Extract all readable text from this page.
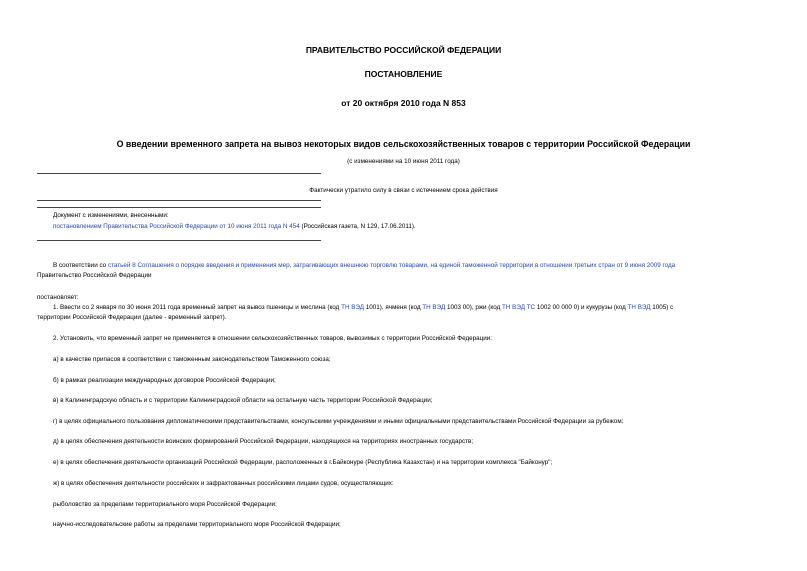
ПРАВИТЕЛЬСТВО РОССИЙСКОЙ ФЕДЕРАЦИИ
ПОСТАНОВЛЕНИЕ
от 20 октября 2010 года N 853
О введении временного запрета на вывоз некоторых видов сельскохозяйственных товаров с территории Российской Федерации
(с изменениями на 10 июня 2011 года)
Фактически утратило силу в связи с истечением срока действия
Документ с изменениями, внесенными:
постановлением Правительства Российской Федерации от 10 июня 2011 года N 454 (Российская газета, N 129, 17.06.2011).
В соответствии со статьей 8 Соглашения о порядке введения и применения мер, затрагивающих внешнюю торговлю товарами, на единой таможенной территории в отношении третьих стран от 9 июня 2009 года
Правительство Российской Федерации
постановляет:
1. Ввести со 2 января по 30 июня 2011 года временный запрет на вывоз пшеницы и меслина (код ТН ВЭД 1001), ячменя (код ТН ВЭД 1003 00), ржи (код ТН ВЭД ТС 1002 00 000 0) и кукурузы (код ТН ВЭД 1005) с
территории Российской Федерации (далее - временный запрет).
2. Установить, что временный запрет не применяется в отношении сельскохозяйственных товаров, вывозимых с территории Российской Федерации:
а) в качестве припасов в соответствии с таможенным законодательством Таможенного союза;
б) в рамках реализации международных договоров Российской Федерации;
в) в Калининградскую область и с территории Калининградской области на остальную часть территории Российской Федерации;
г) в целях официального пользования дипломатическими представительствами, консульскими учреждениями и иными официальными представительствами Российской Федерации за рубежом;
д) в целях обеспечения деятельности воинских формирований Российской Федерации, находящихся на территориях иностранных государств;
е) в целях обеспечения деятельности организаций Российской Федерации, расположенных в г.Байконуре (Республика Казахстан) и на территории комплекса "Байконур";
ж) в целях обеспечения деятельности российских и зафрахтованных российскими лицами судов, осуществляющих:
рыболовство за пределами территориального моря Российской Федерации;
научно-исследовательские работы за пределами территориального моря Российской Федерации;
